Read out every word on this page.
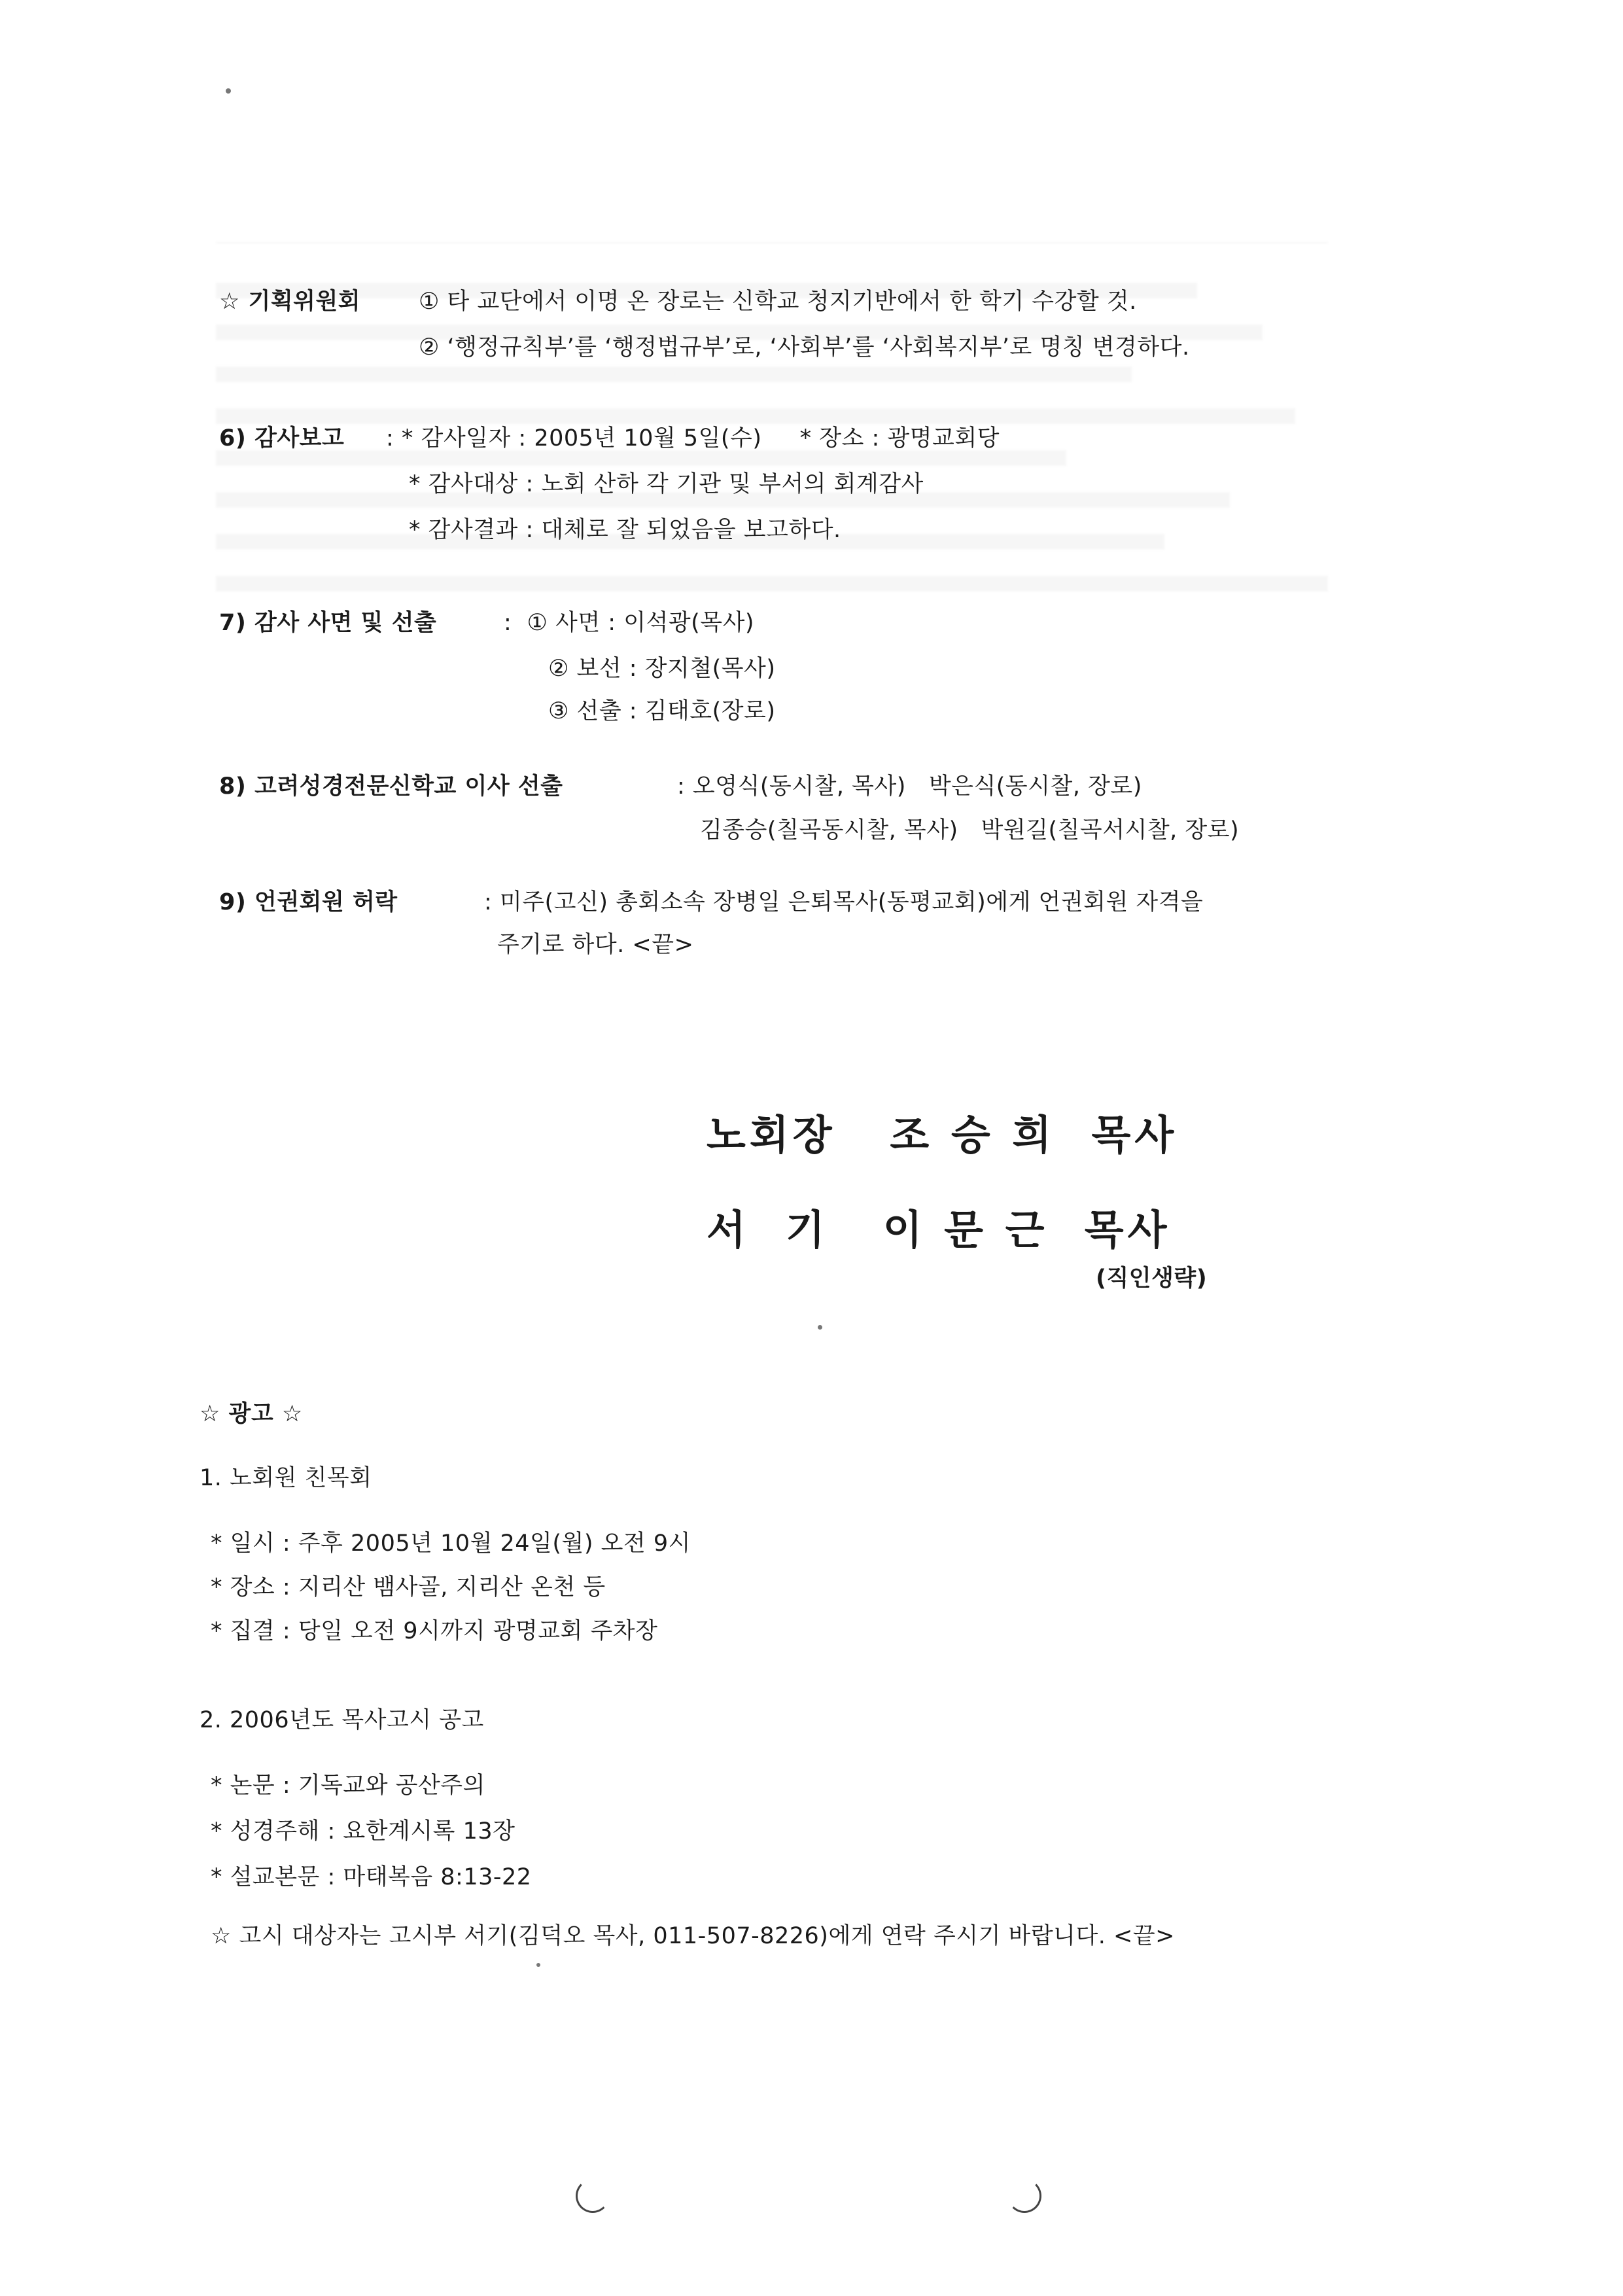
☆ 기획위원회	① 타 교단에서 이명 온 장로는 신학교 청지기반에서 한 학기 수강할 것.
② ‘행정규칙부’를 ‘행정법규부’로, ‘사회부’를 ‘사회복지부’로 명칭 변경하다.
6) 감사보고 : * 감사일자 : 2005년 10월 5일(수)     * 장소 : 광명교회당
* 감사대상 : 노회 산하 각 기관 및 부서의 회계감사
* 감사결과 : 대체로 잘 되었음을 보고하다.
7) 감사 사면 및 선출	:  ① 사면 : 이석광(목사)
② 보선 : 장지철(목사)
③ 선출 : 김태호(장로)
8) 고려성경전문신학교 이사 선출	: 오영식(동시찰, 목사)   박은식(동시찰, 장로)
김종승(칠곡동시찰, 목사)   박원길(칠곡서시찰, 장로)
9) 언권회원 허락	: 미주(고신) 총회소속 장병일 은퇴목사(동평교회)에게 언권회원 자격을
주기로 하다. <끝>
노회장   조 승 희  목사
서  기   이 문 근  목사
(직인생략)
☆ 광고 ☆
1. 노회원 친목회
* 일시 : 주후 2005년 10월 24일(월) 오전 9시
* 장소 : 지리산 뱀사골, 지리산 온천 등
* 집결 : 당일 오전 9시까지 광명교회 주차장
2. 2006년도 목사고시 공고
* 논문 : 기독교와 공산주의
* 성경주해 : 요한계시록 13장
* 설교본문 : 마태복음 8:13-22
☆ 고시 대상자는 고시부 서기(김덕오 목사, 011-507-8226)에게 연락 주시기 바랍니다. <끝>
